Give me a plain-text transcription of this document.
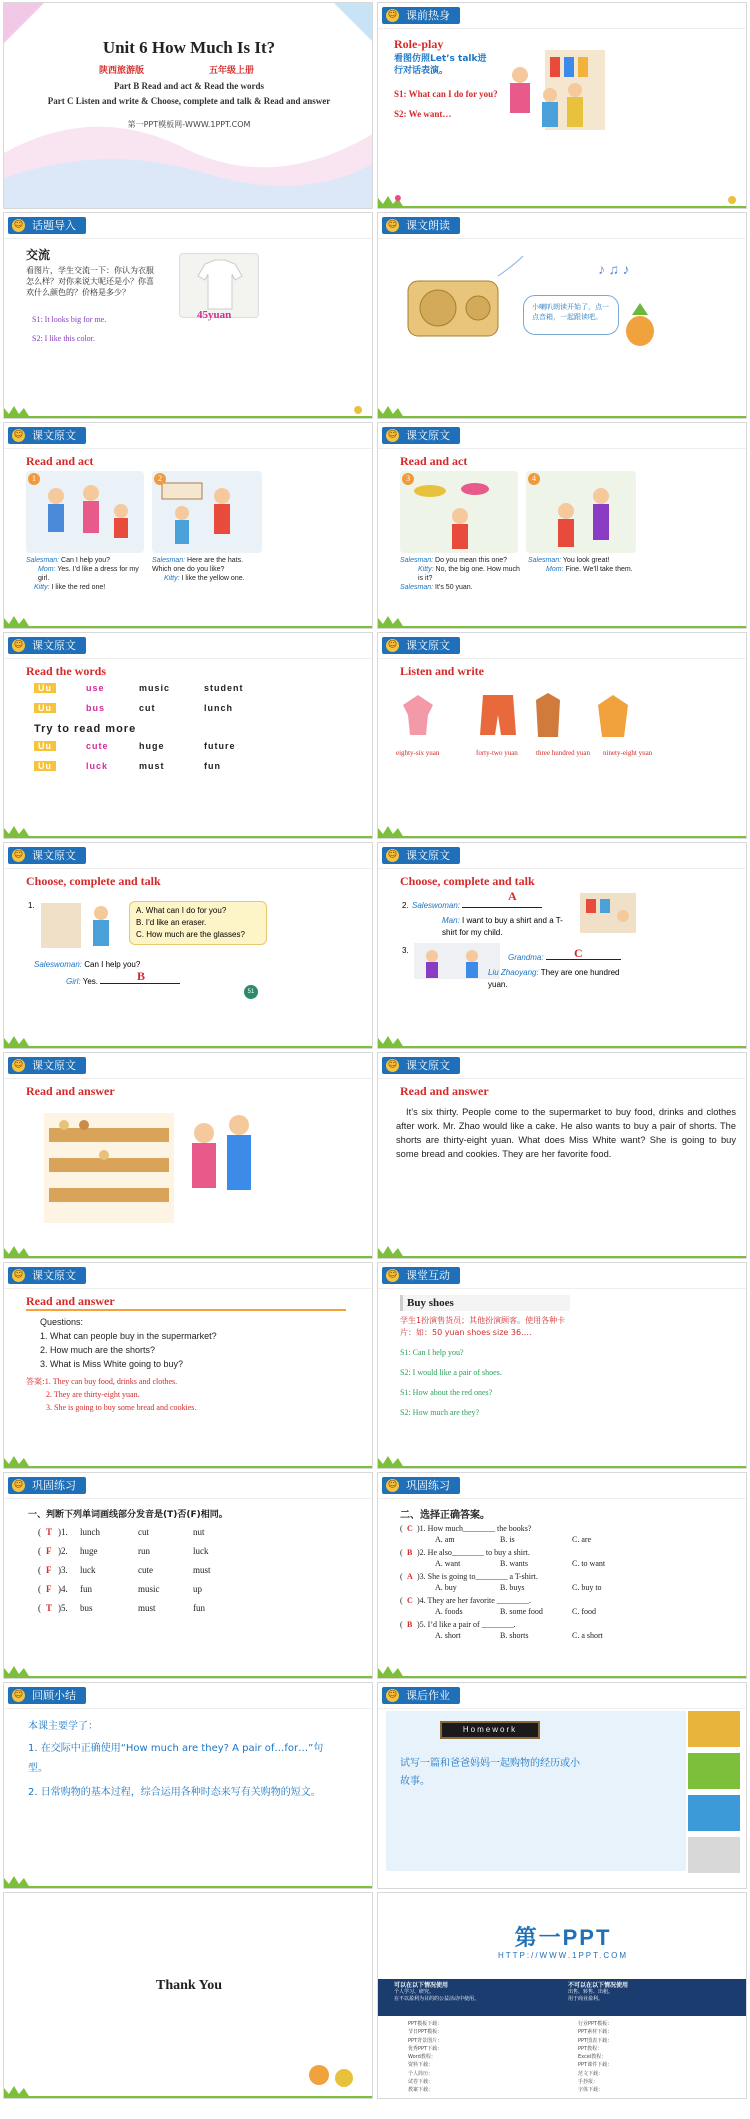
Unit 6 How Much Is It?
陕西旅游版	五年级上册
Part B Read and act & Read the words
Part C Listen and write & Choose, complete and talk & Read and answer
第一PPT模板网-WWW.1PPT.COM
☺ 课前热身
Role-play
看图仿照Let’s talk进行对话表演。
S1: What can I do for you?
S2: We want…
☺ 话题导入
交流
看图片，学生交流一下：你认为衣服怎么样？对你来说大呢还是小？你喜欢什么颜色的？价格是多少？
45yuan
S1: It looks big for me.
S2: I like this color.
☺ 课文朗读
♪ ♫ ♪
小喇叭朗读开始了，点一点音箱，一起跟读吧。
☺ 课文原文
Read and act
1	2
Salesman: Can I help you?
Mom: Yes. I’d like a dress for my girl.
Kitty: I like the red one!
Salesman: Here are the hats. Which one do you like?
Kitty: I like the yellow one.
☺ 课文原文
Read and act
3	4
Salesman: Do you mean this one?
Kitty: No, the big one. How much is it?
Salesman: It’s 50 yuan.
Salesman: You look great!
Mom: Fine. We’ll take them.
☺ 课文原文
Read the words
Uu	use	music	student
Uu	bus	cut	lunch
Try to read more
Uu	cute	huge	future
Uu	luck	must	fun
☺ 课文原文
Listen and write
eighty-six yuan	forty-two yuan	three hundred yuan ninety-eight yuan
☺ 课文原文
Choose, complete and talk
1.
A. What can I do for you?
B. I’d like an eraser.
C. How much are the glasses?
Saleswoman: Can I help you?
Girl: Yes.	B
51
☺ 课文原文
Choose, complete and talk
2. Saleswoman:
A
Man: I want to buy a shirt and a T-shirt for my child.
3.
Grandma:	C
Liu Zhaoyang: They are one hundred yuan.
☺ 课文原文
Read and answer
☺ 课文原文
Read and answer
It’s six thirty. People come to the supermarket to buy food, drinks and clothes after work. Mr. Zhao would like a cake. He also wants to buy a pair of shorts. The shorts are thirty-eight yuan. What does Miss White want? She is going to buy some bread and cookies. They are her favorite food.
☺ 课文原文
Read and answer
Questions:
1. What can people buy in the supermarket?
2. How much are the shorts?
3. What is Miss White going to buy?
答案:1. They can buy food, drinks and clothes.
2. They are thirty-eight yuan.
3. She is going to buy some bread and cookies.
☺ 课堂互动
Buy shoes
学生1扮演售货员；其他扮演顾客。使用各种卡片：如：50 yuan shoes size 36….
S1: Can I help you?
S2: I would like a pair of shoes.
S1: How about the red ones?
S2: How much are they?
☺ 巩固练习
一、判断下列单词画线部分发音是(T)否(F)相同。
( T )1. lunch	cut	nut
( F )2. huge	run	luck
( F )3. luck	cute	must
( F )4. fun	music	up
( T )5. bus	must	fun
☺ 巩固练习
二、选择正确答案。
( C )1. How much________ the books?
A. am	B. is	C. are
( B )2. He also________ to buy a shirt.
A. want	B. wants	C. to want
( A )3. She is going to________ a T-shirt.
A. buy	B. buys	C. buy to
( C )4. They are her favorite ________.
A. foods	B. some food	C. food
( B )5. I’d like a pair of ________.
A. short	B. shorts	C. a short
☺ 回顾小结
本课主要学了：
1. 在交际中正确使用“How much are they? A pair of…for…”句型。
2. 日常购物的基本过程，综合运用各种时态来写有关购物的短文。
☺ 课后作业
Homework
试写一篇和爸爸妈妈一起购物的经历或小故事。
Thank You
第一PPT
HTTP://WWW.1PPT.COM
可以在以下情况使用
个人学习、研究。
在不以盈利为目的的公益活动中使用。
不可以在以下情况使用
出售、转售、出租。
用于商业盈利。
PPT模板下载：
节日PPT模板：
PPT背景图片：
优秀PPT下载：
Word教程：
资料下载：
个人简历：
试卷下载：
教案下载：
行业PPT模板：
PPT素材下载：
PPT图表下载：
PPT教程：
Excel教程：
PPT课件下载：
范文下载：
手抄报：
字体下载：
